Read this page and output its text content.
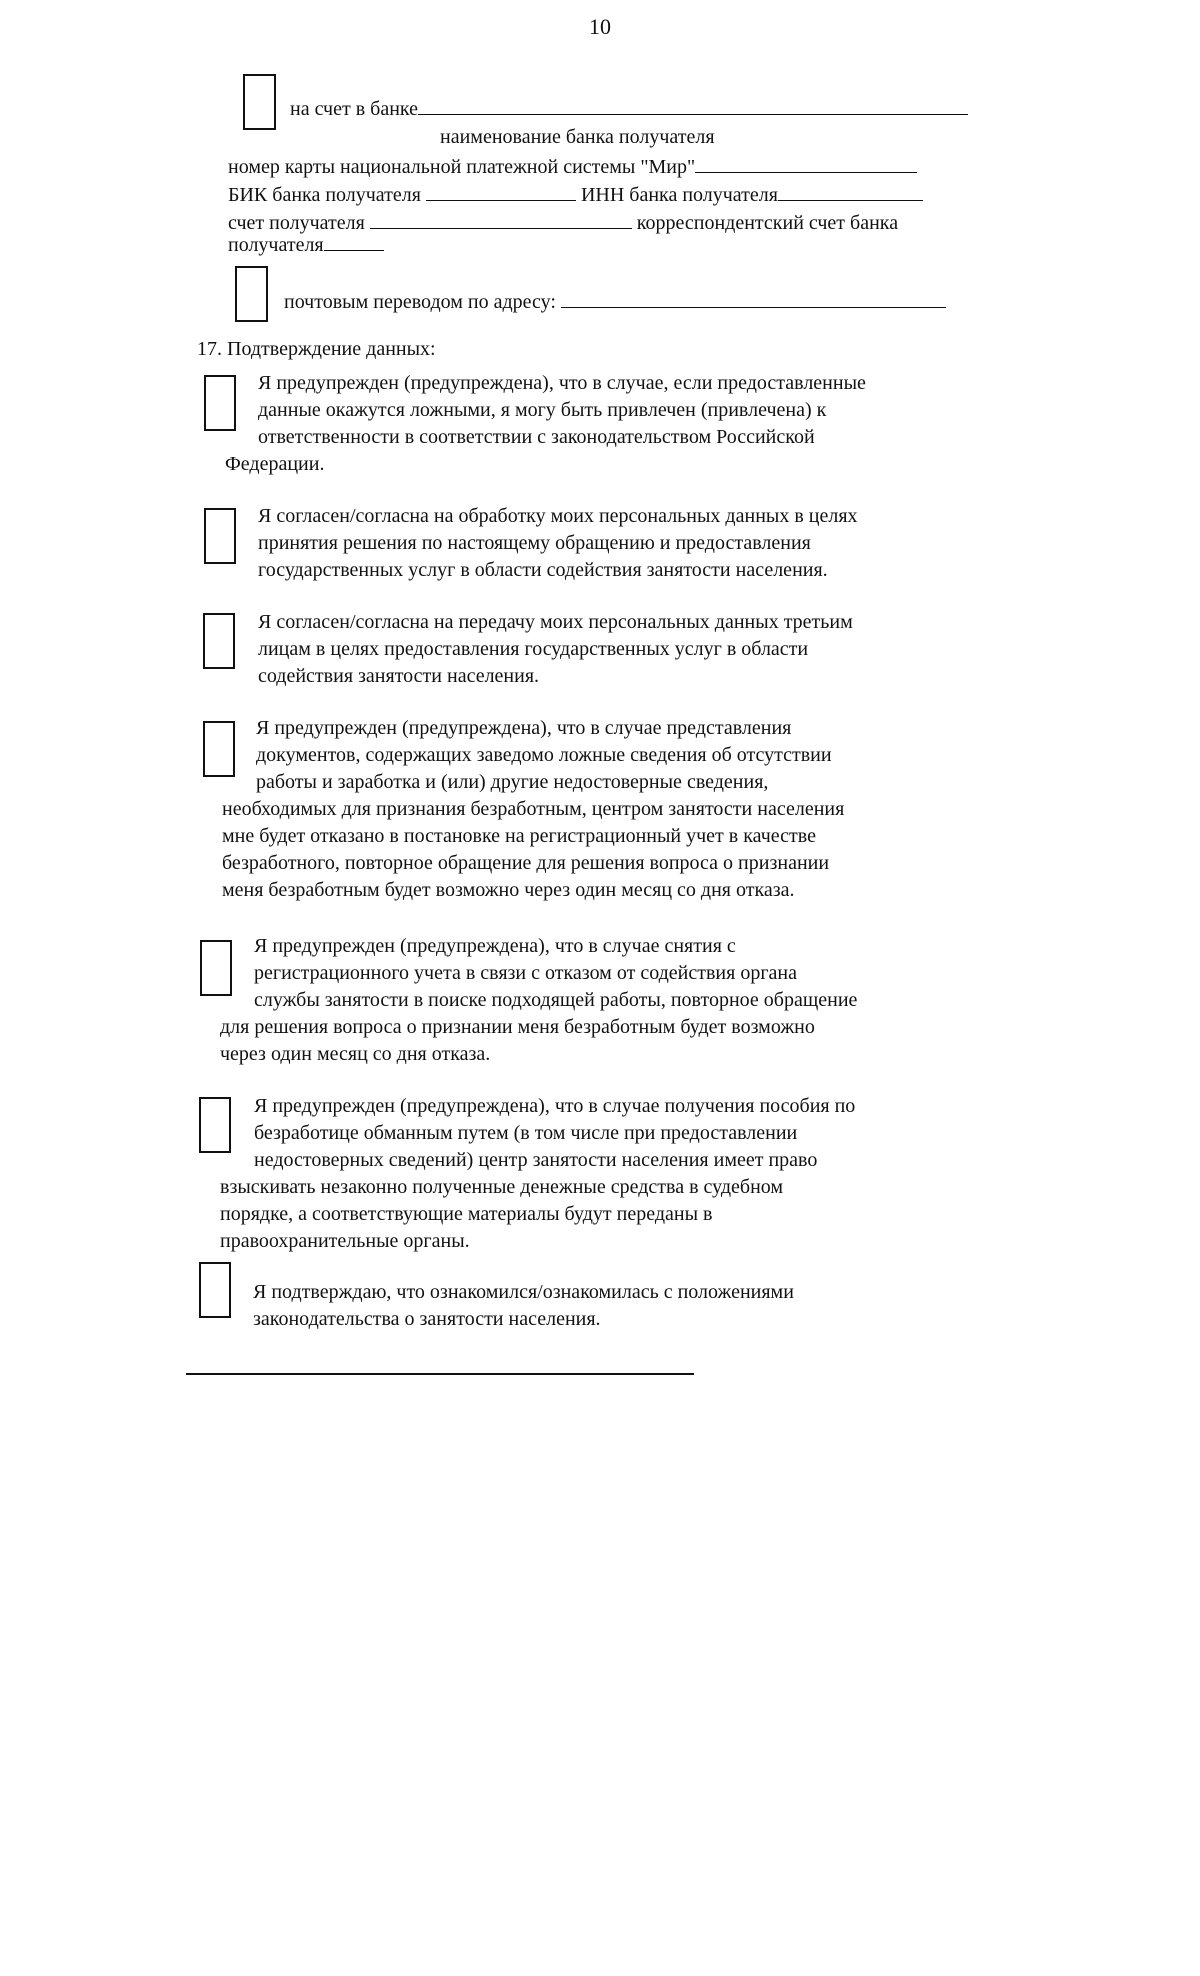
10
на счет в банке
наименование банка получателя
номер карты национальной платежной системы "Мир"
БИК банка получателя	ИНН банка получателя
счет получателя	корреспондентский счет банка
получателя
почтовым переводом по адресу:
17. Подтверждение данных:
Я предупрежден (предупреждена), что в случае, если предоставленные
данные окажутся ложными, я могу быть привлечен (привлечена) к
ответственности в соответствии с законодательством Российской
Федерации.
Я согласен/согласна на обработку моих персональных данных в целях
принятия решения по настоящему обращению и предоставления
государственных услуг в области содействия занятости населения.
Я согласен/согласна на передачу моих персональных данных третьим
лицам в целях предоставления государственных услуг в области
содействия занятости населения.
Я предупрежден (предупреждена), что в случае представления
документов, содержащих заведомо ложные сведения об отсутствии
работы и заработка и (или) другие недостоверные сведения,
необходимых для признания безработным, центром занятости населения
мне будет отказано в постановке на регистрационный учет в качестве
безработного, повторное обращение для решения вопроса о признании
меня безработным будет возможно через один месяц со дня отказа.
Я предупрежден (предупреждена), что в случае снятия с
регистрационного учета в связи с отказом от содействия органа
службы занятости в поиске подходящей работы, повторное обращение
для решения вопроса о признании меня безработным будет возможно
через один месяц со дня отказа.
Я предупрежден (предупреждена), что в случае получения пособия по
безработице обманным путем (в том числе при предоставлении
недостоверных сведений) центр занятости населения имеет право
взыскивать незаконно полученные денежные средства в судебном
порядке, а соответствующие материалы будут переданы в
правоохранительные органы.
Я подтверждаю, что ознакомился/ознакомилась с положениями
законодательства о занятости населения.
